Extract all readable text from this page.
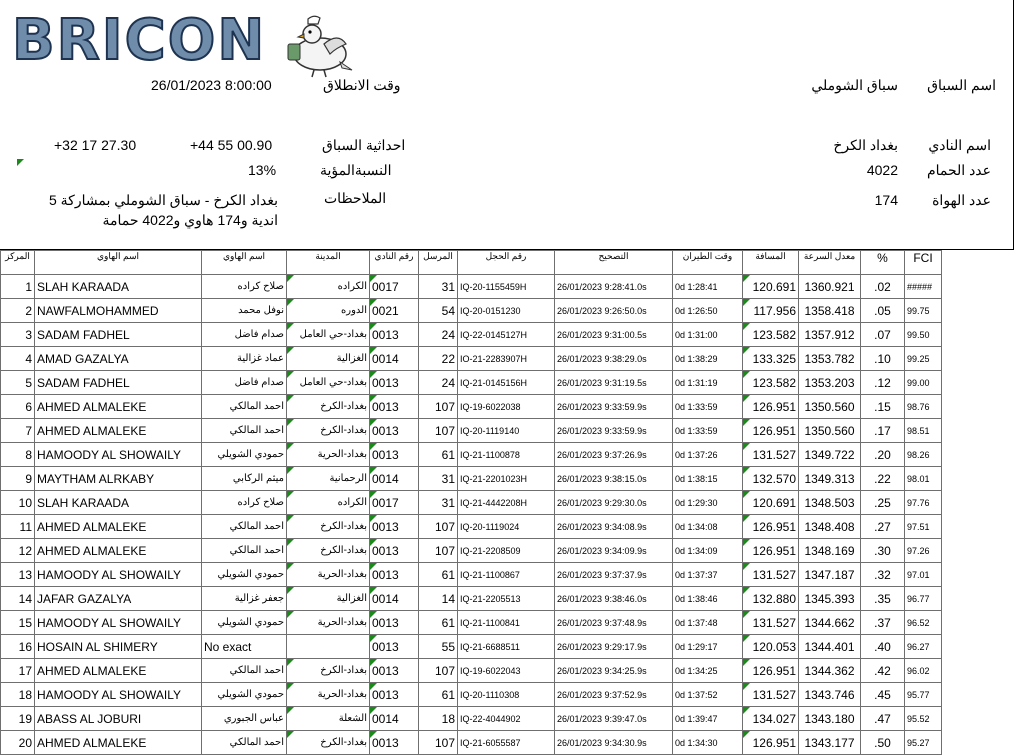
BRICON
اسم السباق
سباق الشوملي
وقت الانطلاق
26/01/2023 8:00:00
اسم النادي
بغداد الكرخ
احداثية السباق
+44 55 00.90
+32 17 27.30
عدد الحمام
4022
النسبةالمؤية
13%
عدد الهواة
174
الملاحظات
بغداد الكرخ - سباق الشوملي بمشاركة 5 اندية و174 هاوي و4022 حمامة
المركز	اسم الهاوي	اسم الهاوي	المدينة	رقم النادي	المرسل	رقم الحجل	التصحيح	وقت الطيران	المسافة	معدل السرعة	%	FCI
1	SLAH KARAADA	صلاح كراده	الكراده	0017	31	IQ-20-1155459H	26/01/2023 9:28:41.0s	0d 1:28:41	120.691	1360.921	.02	#####
2	NAWFALMOHAMMED	نوفل محمد	الدوره	0021	54	IQ-20-0151230	26/01/2023 9:26:50.0s	0d 1:26:50	117.956	1358.418	.05	99.75
3	SADAM FADHEL	صدام فاضل	بغداد-حي العامل	0013	24	IQ-22-0145127H	26/01/2023 9:31:00.5s	0d 1:31:00	123.582	1357.912	.07	99.50
4	AMAD GAZALYA	عماد غزالية	الغزالية	0014	22	IO-21-2283907H	26/01/2023 9:38:29.0s	0d 1:38:29	133.325	1353.782	.10	99.25
5	SADAM FADHEL	صدام فاضل	بغداد-حي العامل	0013	24	IQ-21-0145156H	26/01/2023 9:31:19.5s	0d 1:31:19	123.582	1353.203	.12	99.00
6	AHMED ALMALEKE	احمد المالكي	بغداد-الكرخ	0013	107	IQ-19-6022038	26/01/2023 9:33:59.9s	0d 1:33:59	126.951	1350.560	.15	98.76
7	AHMED ALMALEKE	احمد المالكي	بغداد-الكرخ	0013	107	IQ-20-1119140	26/01/2023 9:33:59.9s	0d 1:33:59	126.951	1350.560	.17	98.51
8	HAMOODY AL SHOWAILY	حمودي الشويلي	بغداد-الحرية	0013	61	IQ-21-1100878	26/01/2023 9:37:26.9s	0d 1:37:26	131.527	1349.722	.20	98.26
9	MAYTHAM ALRKABY	ميثم الركابي	الرحمانية	0014	31	IQ-21-2201023H	26/01/2023 9:38:15.0s	0d 1:38:15	132.570	1349.313	.22	98.01
10	SLAH KARAADA	صلاح كراده	الكراده	0017	31	IQ-21-4442208H	26/01/2023 9:29:30.0s	0d 1:29:30	120.691	1348.503	.25	97.76
11	AHMED ALMALEKE	احمد المالكي	بغداد-الكرخ	0013	107	IQ-20-1119024	26/01/2023 9:34:08.9s	0d 1:34:08	126.951	1348.408	.27	97.51
12	AHMED ALMALEKE	احمد المالكي	بغداد-الكرخ	0013	107	IQ-21-2208509	26/01/2023 9:34:09.9s	0d 1:34:09	126.951	1348.169	.30	97.26
13	HAMOODY AL SHOWAILY	حمودي الشويلي	بغداد-الحرية	0013	61	IQ-21-1100867	26/01/2023 9:37:37.9s	0d 1:37:37	131.527	1347.187	.32	97.01
14	JAFAR GAZALYA	جعفر غزالية	الغزالية	0014	14	IQ-21-2205513	26/01/2023 9:38:46.0s	0d 1:38:46	132.880	1345.393	.35	96.77
15	HAMOODY AL SHOWAILY	حمودي الشويلي	بغداد-الحرية	0013	61	IQ-21-1100841	26/01/2023 9:37:48.9s	0d 1:37:48	131.527	1344.662	.37	96.52
16	HOSAIN AL SHIMERY	No exact		0013	55	IQ-21-6688511	26/01/2023 9:29:17.9s	0d 1:29:17	120.053	1344.401	.40	96.27
17	AHMED ALMALEKE	احمد المالكي	بغداد-الكرخ	0013	107	IQ-19-6022043	26/01/2023 9:34:25.9s	0d 1:34:25	126.951	1344.362	.42	96.02
18	HAMOODY AL SHOWAILY	حمودي الشويلي	بغداد-الحرية	0013	61	IQ-20-1110308	26/01/2023 9:37:52.9s	0d 1:37:52	131.527	1343.746	.45	95.77
19	ABASS AL JOBURI	عباس الجبوري	الشعلة	0014	18	IQ-22-4044902	26/01/2023 9:39:47.0s	0d 1:39:47	134.027	1343.180	.47	95.52
20	AHMED ALMALEKE	احمد المالكي	بغداد-الكرخ	0013	107	IQ-21-6055587	26/01/2023 9:34:30.9s	0d 1:34:30	126.951	1343.177	.50	95.27
